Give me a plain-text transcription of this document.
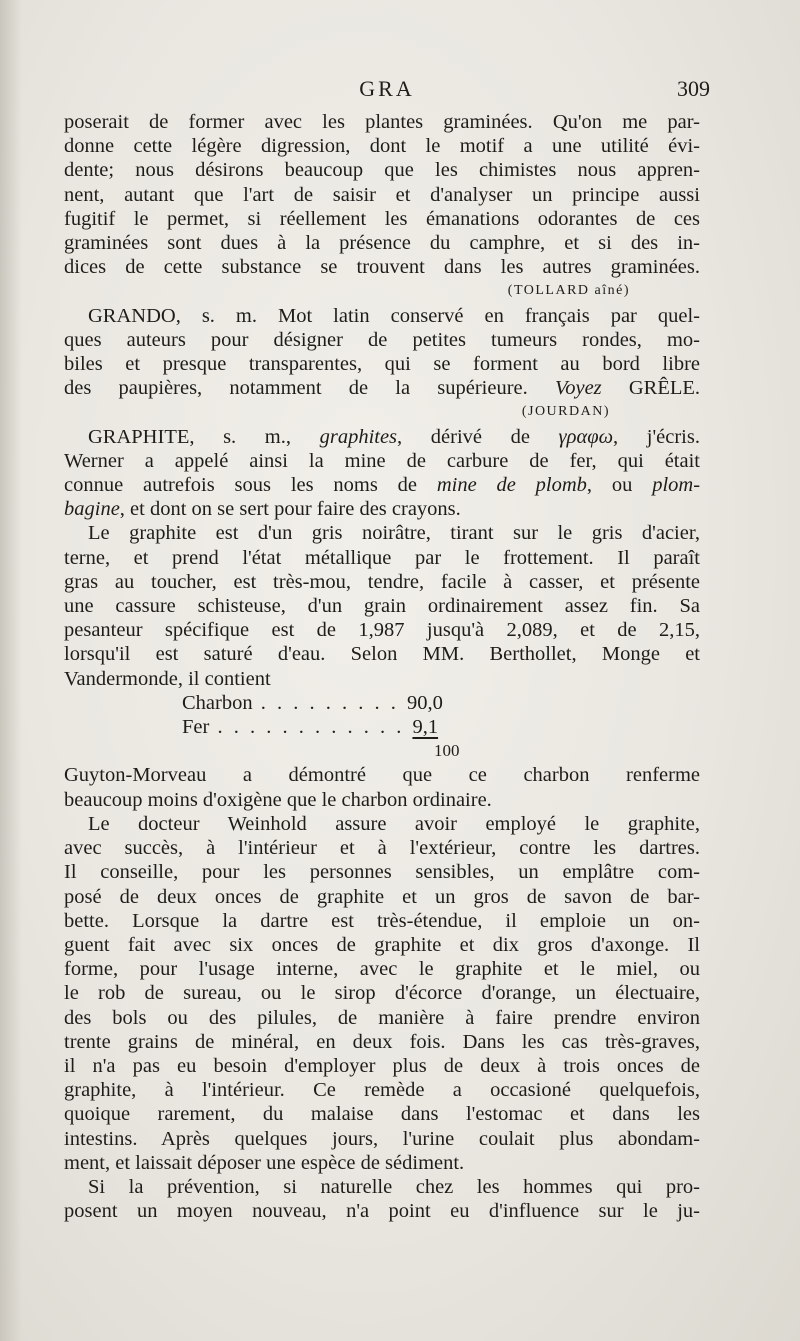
GRA	309
poserait de former avec les plantes graminées. Qu'on me par-
donne cette légère digression, dont le motif a une utilité évi-
dente; nous désirons beaucoup que les chimistes nous appren-
nent, autant que l'art de saisir et d'analyser un principe aussi
fugitif le permet, si réellement les émanations odorantes de ces
graminées sont dues à la présence du camphre, et si des in-
dices de cette substance se trouvent dans les autres graminées.
(TOLLARD aîné)
GRANDO, s. m. Mot latin conservé en français par quel-
ques auteurs pour désigner de petites tumeurs rondes, mo-
biles et presque transparentes, qui se forment au bord libre
des paupières, notamment de la supérieure. Voyez GRÊLE.
(JOURDAN)
GRAPHITE, s. m., graphites, dérivé de γραφω, j'écris.
Werner a appelé ainsi la mine de carbure de fer, qui était
connue autrefois sous les noms de mine de plomb, ou plom-
bagine, et dont on se sert pour faire des crayons.
Le graphite est d'un gris noirâtre, tirant sur le gris d'acier,
terne, et prend l'état métallique par le frottement. Il paraît
gras au toucher, est très-mou, tendre, facile à casser, et présente
une cassure schisteuse, d'un grain ordinairement assez fin. Sa
pesanteur spécifique est de 1,987 jusqu'à 2,089, et de 2,15,
lorsqu'il est saturé d'eau. Selon MM. Berthollet, Monge et
Vandermonde, il contient
Charbon . . . . . . . . . 90,0
Fer . . . . . . . . . . . . 9,1
100
Guyton-Morveau a démontré que ce charbon renferme
beaucoup moins d'oxigène que le charbon ordinaire.
Le docteur Weinhold assure avoir employé le graphite,
avec succès, à l'intérieur et à l'extérieur, contre les dartres.
Il conseille, pour les personnes sensibles, un emplâtre com-
posé de deux onces de graphite et un gros de savon de bar-
bette. Lorsque la dartre est très-étendue, il emploie un on-
guent fait avec six onces de graphite et dix gros d'axonge. Il
forme, pour l'usage interne, avec le graphite et le miel, ou
le rob de sureau, ou le sirop d'écorce d'orange, un électuaire,
des bols ou des pilules, de manière à faire prendre environ
trente grains de minéral, en deux fois. Dans les cas très-graves,
il n'a pas eu besoin d'employer plus de deux à trois onces de
graphite, à l'intérieur. Ce remède a occasioné quelquefois,
quoique rarement, du malaise dans l'estomac et dans les
intestins. Après quelques jours, l'urine coulait plus abondam-
ment, et laissait déposer une espèce de sédiment.
Si la prévention, si naturelle chez les hommes qui pro-
posent un moyen nouveau, n'a point eu d'influence sur le ju-
